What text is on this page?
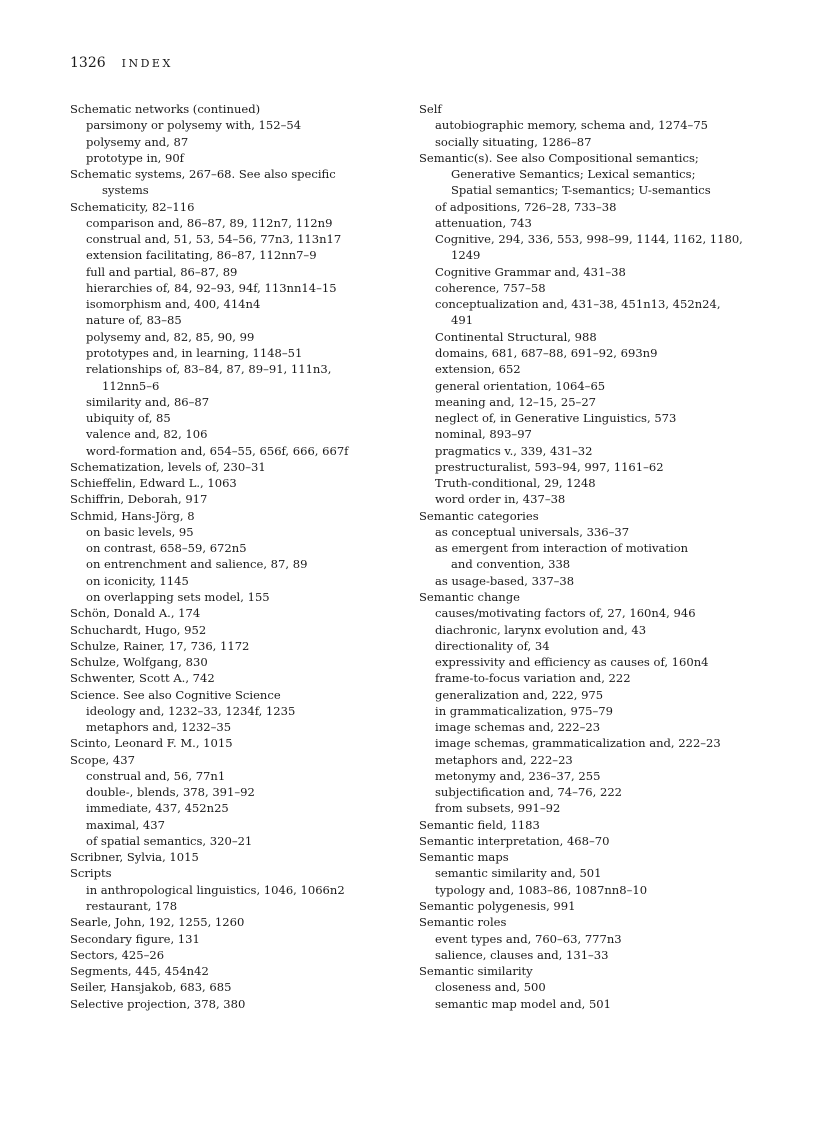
1326 INDEX
Schematic networks (continued)
parsimony or polysemy with, 152–54
polysemy and, 87
prototype in, 90f
Schematic systems, 267–68. See also specific
systems
Schematicity, 82–116
comparison and, 86–87, 89, 112n7, 112n9
construal and, 51, 53, 54–56, 77n3, 113n17
extension facilitating, 86–87, 112nn7–9
full and partial, 86–87, 89
hierarchies of, 84, 92–93, 94f, 113nn14–15
isomorphism and, 400, 414n4
nature of, 83–85
polysemy and, 82, 85, 90, 99
prototypes and, in learning, 1148–51
relationships of, 83–84, 87, 89–91, 111n3,
112nn5–6
similarity and, 86–87
ubiquity of, 85
valence and, 82, 106
word-formation and, 654–55, 656f, 666, 667f
Schematization, levels of, 230–31
Schieffelin, Edward L., 1063
Schiffrin, Deborah, 917
Schmid, Hans-Jörg, 8
on basic levels, 95
on contrast, 658–59, 672n5
on entrenchment and salience, 87, 89
on iconicity, 1145
on overlapping sets model, 155
Schön, Donald A., 174
Schuchardt, Hugo, 952
Schulze, Rainer, 17, 736, 1172
Schulze, Wolfgang, 830
Schwenter, Scott A., 742
Science. See also Cognitive Science
ideology and, 1232–33, 1234f, 1235
metaphors and, 1232–35
Scinto, Leonard F. M., 1015
Scope, 437
construal and, 56, 77n1
double-, blends, 378, 391–92
immediate, 437, 452n25
maximal, 437
of spatial semantics, 320–21
Scribner, Sylvia, 1015
Scripts
in anthropological linguistics, 1046, 1066n2
restaurant, 178
Searle, John, 192, 1255, 1260
Secondary figure, 131
Sectors, 425–26
Segments, 445, 454n42
Seiler, Hansjakob, 683, 685
Selective projection, 378, 380
Self
autobiographic memory, schema and, 1274–75
socially situating, 1286–87
Semantic(s). See also Compositional semantics;
Generative Semantics; Lexical semantics;
Spatial semantics; T-semantics; U-semantics
of adpositions, 726–28, 733–38
attenuation, 743
Cognitive, 294, 336, 553, 998–99, 1144, 1162, 1180,
1249
Cognitive Grammar and, 431–38
coherence, 757–58
conceptualization and, 431–38, 451n13, 452n24,
491
Continental Structural, 988
domains, 681, 687–88, 691–92, 693n9
extension, 652
general orientation, 1064–65
meaning and, 12–15, 25–27
neglect of, in Generative Linguistics, 573
nominal, 893–97
pragmatics v., 339, 431–32
prestructuralist, 593–94, 997, 1161–62
Truth-conditional, 29, 1248
word order in, 437–38
Semantic categories
as conceptual universals, 336–37
as emergent from interaction of motivation
and convention, 338
as usage-based, 337–38
Semantic change
causes/motivating factors of, 27, 160n4, 946
diachronic, larynx evolution and, 43
directionality of, 34
expressivity and efficiency as causes of, 160n4
frame-to-focus variation and, 222
generalization and, 222, 975
in grammaticalization, 975–79
image schemas and, 222–23
image schemas, grammaticalization and, 222–23
metaphors and, 222–23
metonymy and, 236–37, 255
subjectification and, 74–76, 222
from subsets, 991–92
Semantic field, 1183
Semantic interpretation, 468–70
Semantic maps
semantic similarity and, 501
typology and, 1083–86, 1087nn8–10
Semantic polygenesis, 991
Semantic roles
event types and, 760–63, 777n3
salience, clauses and, 131–33
Semantic similarity
closeness and, 500
semantic map model and, 501
